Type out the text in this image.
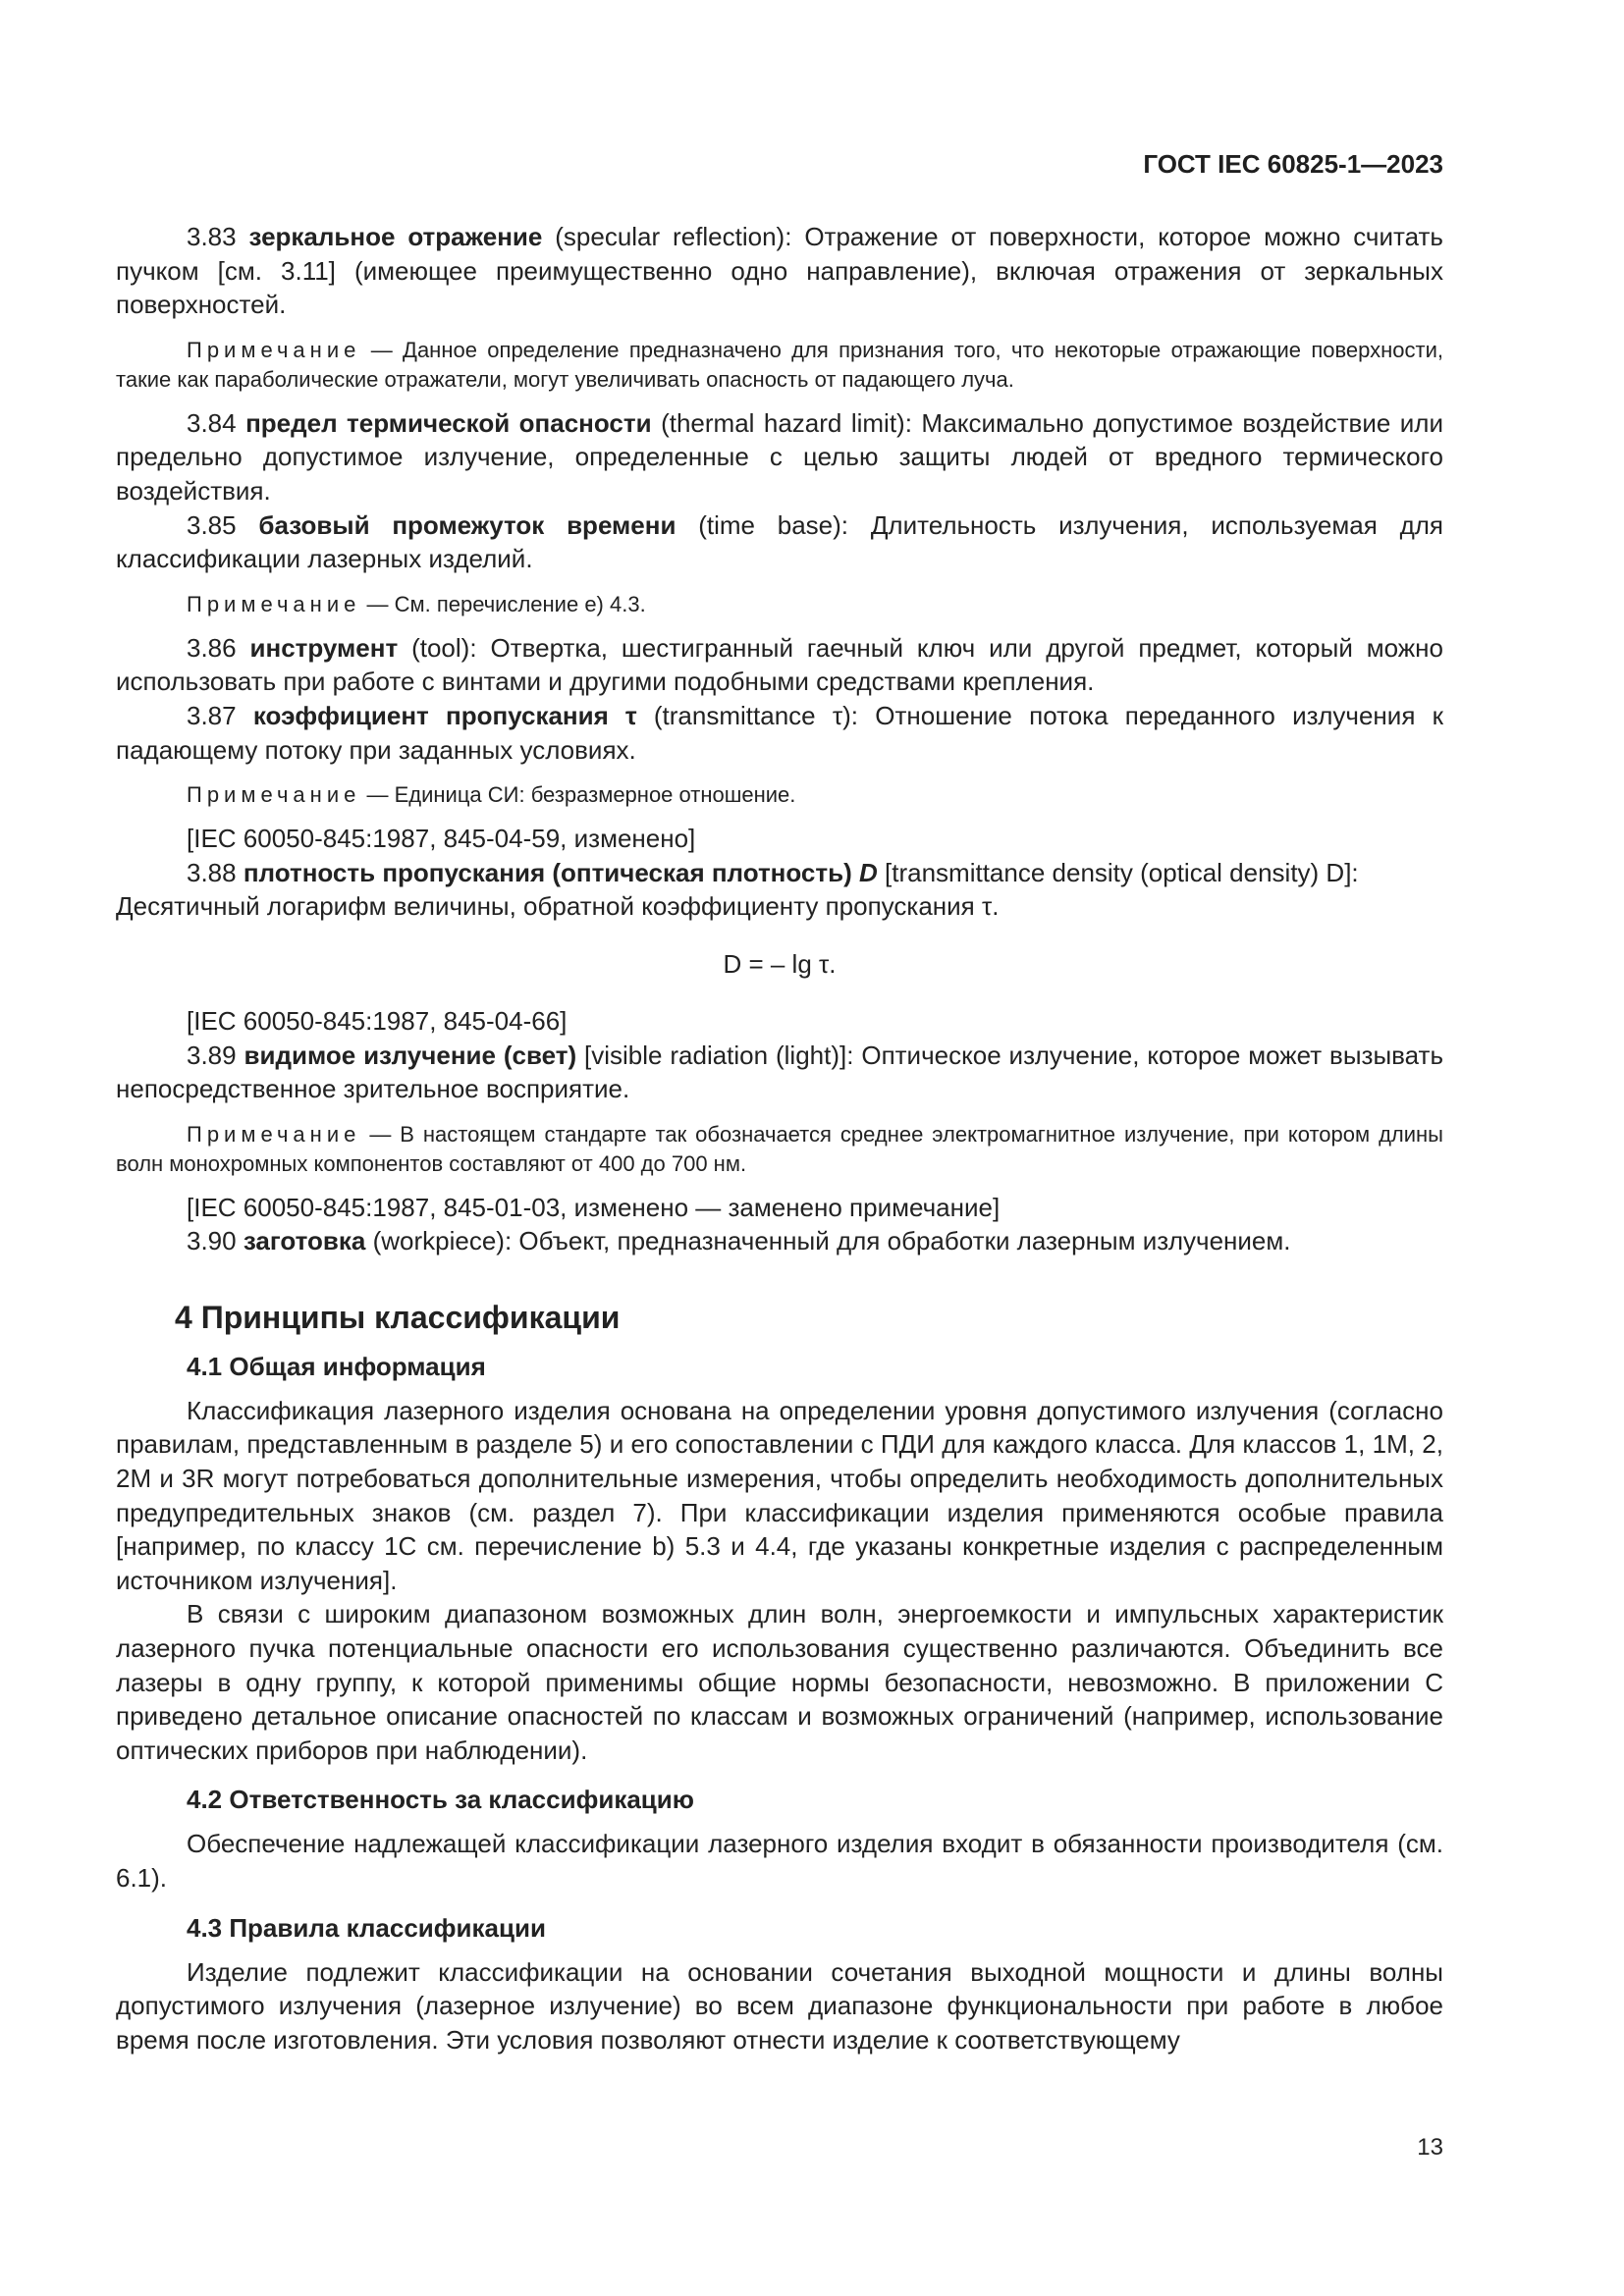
ГОСТ IEC 60825-1—2023

3.83 зеркальное отражение (specular reflection): Отражение от поверхности, которое можно считать пучком [см. 3.11] (имеющее преимущественно одно направление), включая отражения от зеркальных поверхностей.

Примечание — Данное определение предназначено для признания того, что некоторые отражающие поверхности, такие как параболические отражатели, могут увеличивать опасность от падающего луча.

3.84 предел термической опасности (thermal hazard limit): Максимально допустимое воздействие или предельно допустимое излучение, определенные с целью защиты людей от вредного термического воздействия.

3.85 базовый промежуток времени (time base): Длительность излучения, используемая для классификации лазерных изделий.

Примечание — См. перечисление е) 4.3.

3.86 инструмент (tool): Отвертка, шестигранный гаечный ключ или другой предмет, который можно использовать при работе с винтами и другими подобными средствами крепления.

3.87 коэффициент пропускания τ (transmittance τ): Отношение потока переданного излучения к падающему потоку при заданных условиях.

Примечание — Единица СИ: безразмерное отношение.

[IEC 60050-845:1987, 845-04-59, изменено]

3.88 плотность пропускания (оптическая плотность) D [transmittance density (optical density) D]:

Десятичный логарифм величины, обратной коэффициенту пропускания τ.

D = – lg τ.

[IEC 60050-845:1987, 845-04-66]

3.89 видимое излучение (свет) [visible radiation (light)]: Оптическое излучение, которое может вызывать непосредственное зрительное восприятие.

Примечание — В настоящем стандарте так обозначается среднее электромагнитное излучение, при котором длины волн монохромных компонентов составляют от 400 до 700 нм.

[IEC 60050-845:1987, 845-01-03, изменено — заменено примечание]

3.90 заготовка (workpiece): Объект, предназначенный для обработки лазерным излучением.

4 Принципы классификации
4.1 Общая информация

Классификация лазерного изделия основана на определении уровня допустимого излучения (согласно правилам, представленным в разделе 5) и его сопоставлении с ПДИ для каждого класса. Для классов 1, 1M, 2, 2M и 3R могут потребоваться дополнительные измерения, чтобы определить необходимость дополнительных предупредительных знаков (см. раздел 7). При классификации изделия применяются особые правила [например, по классу 1C см. перечисление b) 5.3 и 4.4, где указаны конкретные изделия с распределенным источником излучения].

В связи с широким диапазоном возможных длин волн, энергоемкости и импульсных характеристик лазерного пучка потенциальные опасности его использования существенно различаются. Объединить все лазеры в одну группу, к которой применимы общие нормы безопасности, невозможно. В приложении С приведено детальное описание опасностей по классам и возможных ограничений (например, использование оптических приборов при наблюдении).

4.2 Ответственность за классификацию

Обеспечение надлежащей классификации лазерного изделия входит в обязанности производителя (см. 6.1).

4.3 Правила классификации

Изделие подлежит классификации на основании сочетания выходной мощности и длины волны допустимого излучения (лазерное излучение) во всем диапазоне функциональности при работе в любое время после изготовления. Эти условия позволяют отнести изделие к соответствующему

13
